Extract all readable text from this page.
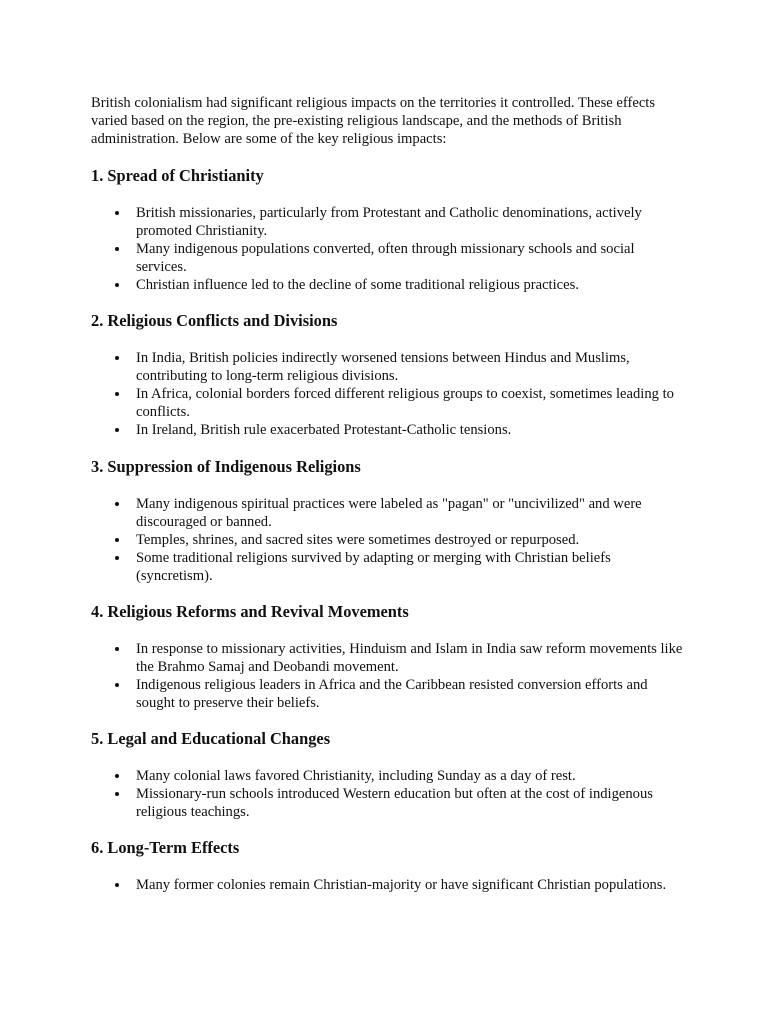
British colonialism had significant religious impacts on the territories it controlled. These effects varied based on the region, the pre-existing religious landscape, and the methods of British administration. Below are some of the key religious impacts:

1. Spread of Christianity
British missionaries, particularly from Protestant and Catholic denominations, actively promoted Christianity.
Many indigenous populations converted, often through missionary schools and social services.
Christian influence led to the decline of some traditional religious practices.
2. Religious Conflicts and Divisions
In India, British policies indirectly worsened tensions between Hindus and Muslims, contributing to long-term religious divisions.
In Africa, colonial borders forced different religious groups to coexist, sometimes leading to conflicts.
In Ireland, British rule exacerbated Protestant-Catholic tensions.
3. Suppression of Indigenous Religions
Many indigenous spiritual practices were labeled as "pagan" or "uncivilized" and were discouraged or banned.
Temples, shrines, and sacred sites were sometimes destroyed or repurposed.
Some traditional religions survived by adapting or merging with Christian beliefs (syncretism).
4. Religious Reforms and Revival Movements
In response to missionary activities, Hinduism and Islam in India saw reform movements like the Brahmo Samaj and Deobandi movement.
Indigenous religious leaders in Africa and the Caribbean resisted conversion efforts and sought to preserve their beliefs.
5. Legal and Educational Changes
Many colonial laws favored Christianity, including Sunday as a day of rest.
Missionary-run schools introduced Western education but often at the cost of indigenous religious teachings.
6. Long-Term Effects
Many former colonies remain Christian-majority or have significant Christian populations.
